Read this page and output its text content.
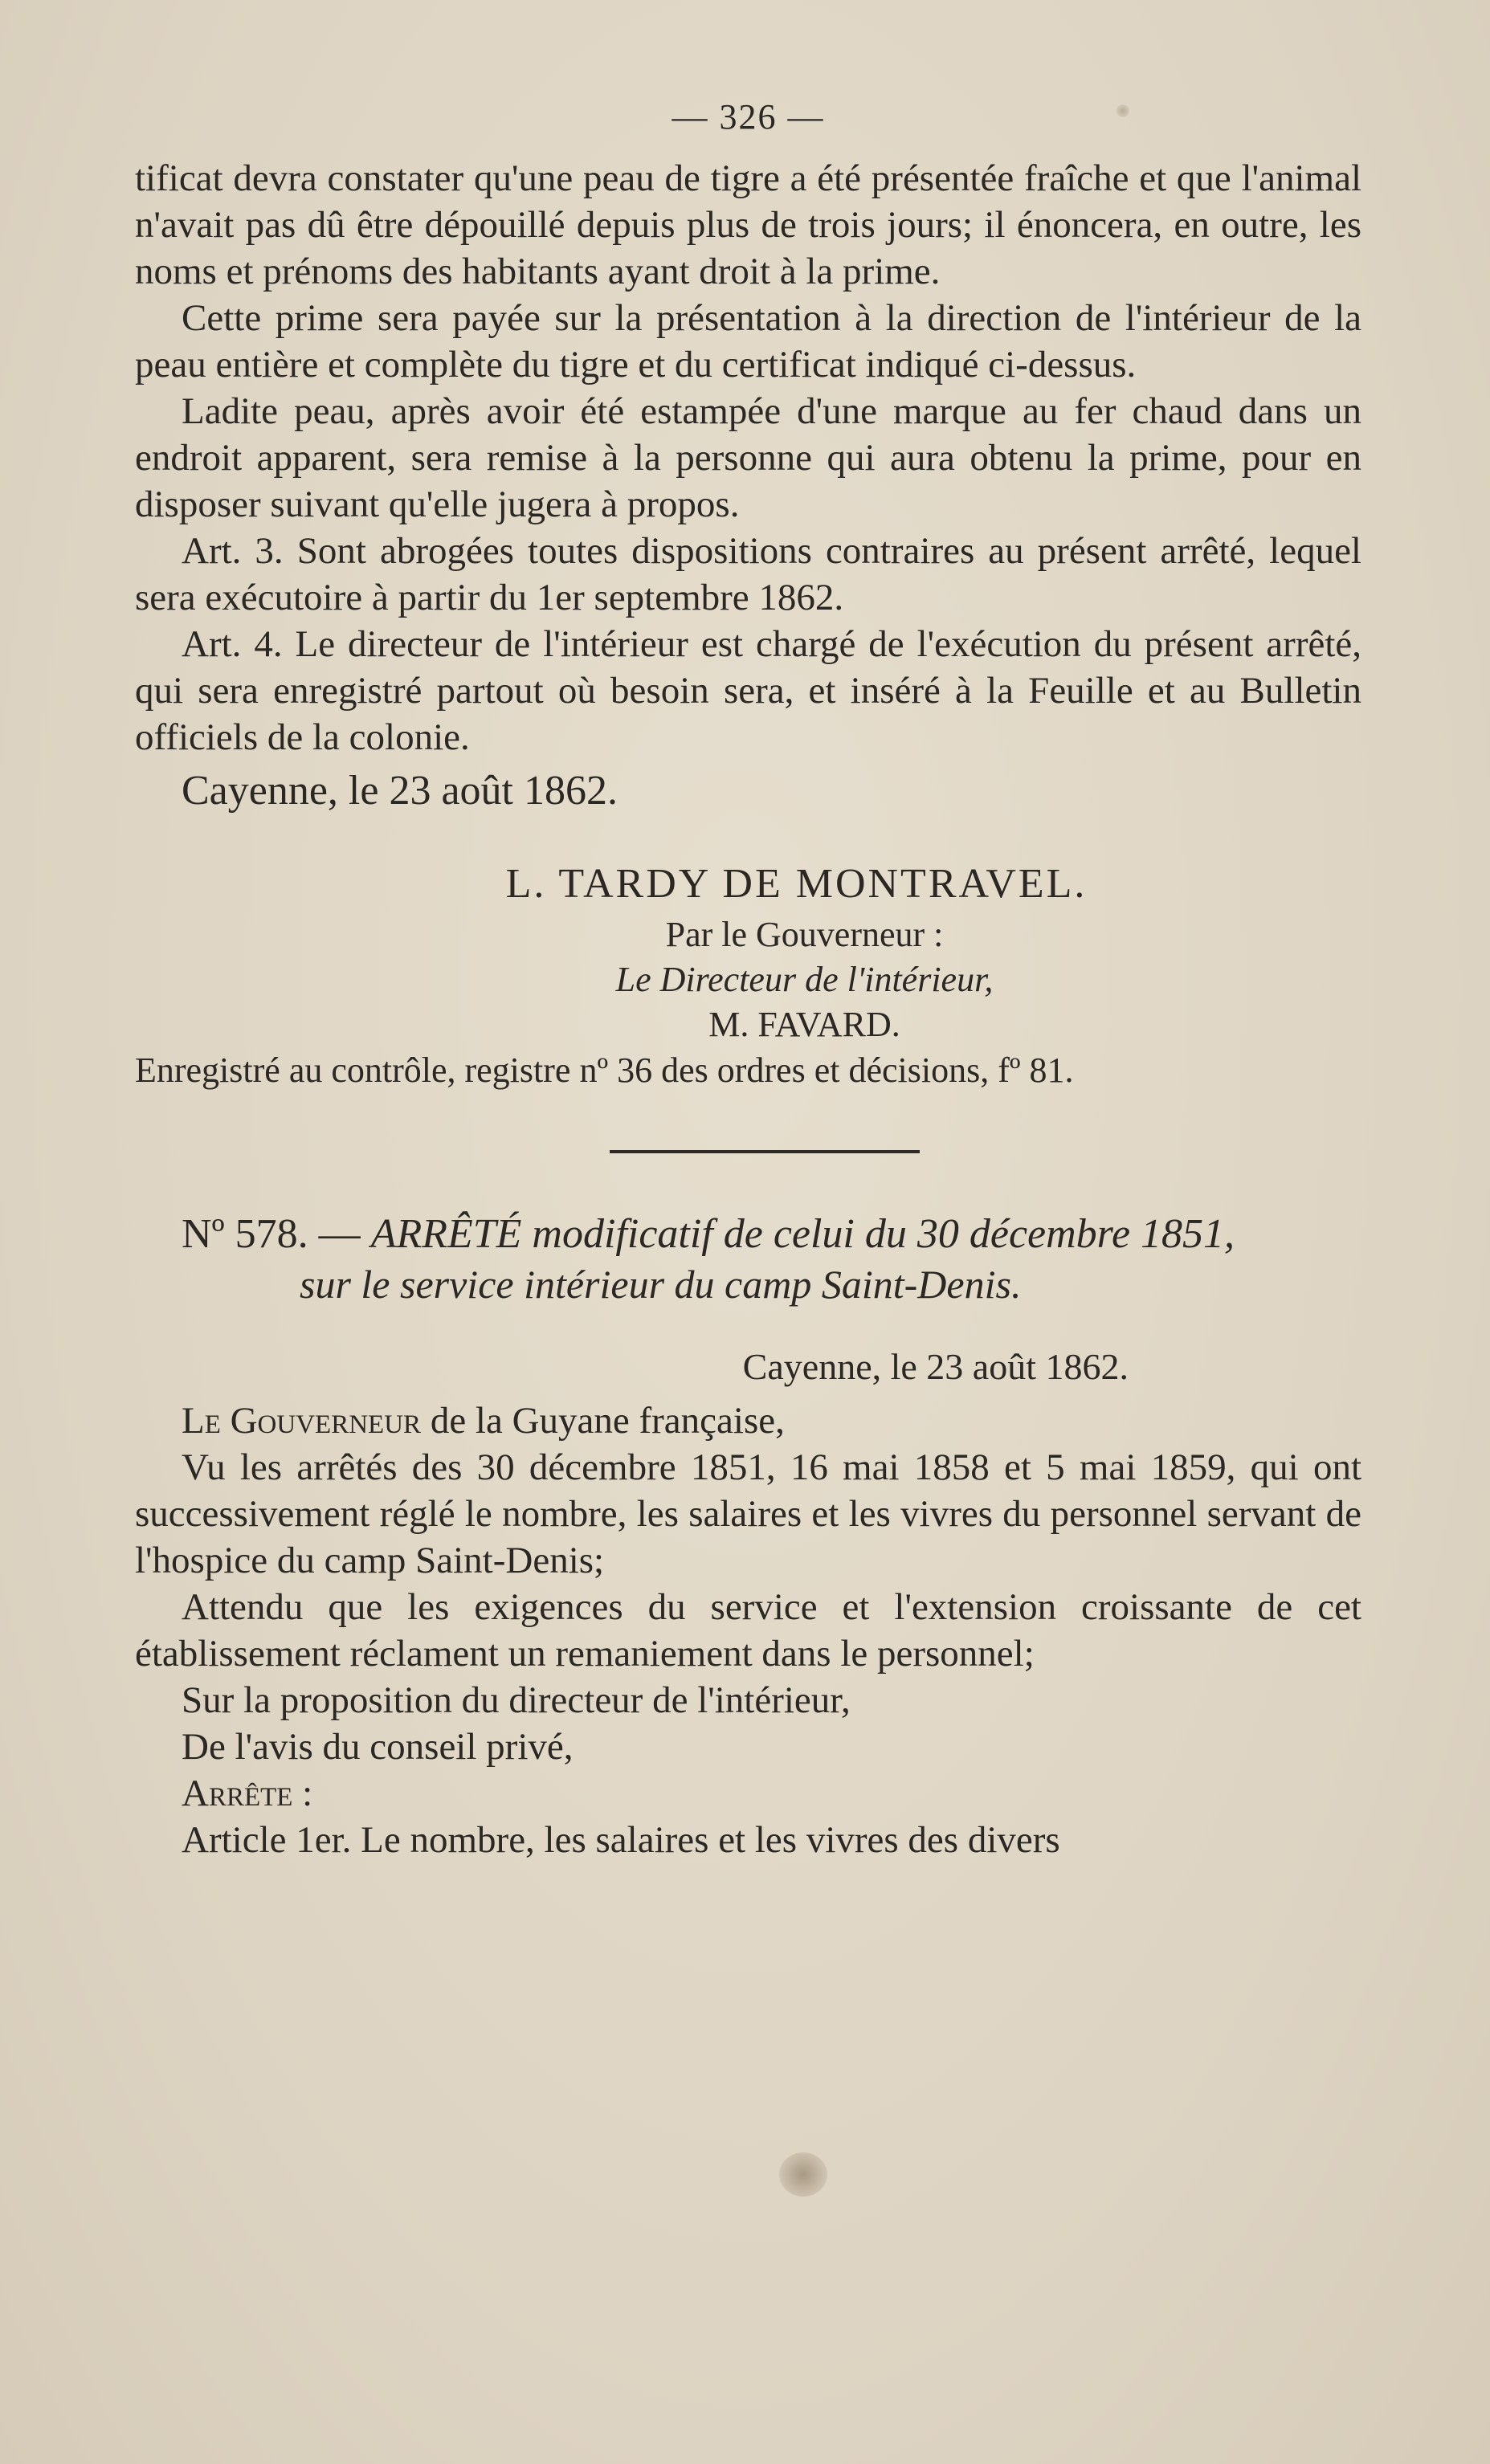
— 326 —

tificat devra constater qu'une peau de tigre a été présentée fraîche et que l'animal n'avait pas dû être dépouillé depuis plus de trois jours; il énoncera, en outre, les noms et prénoms des habitants ayant droit à la prime.

Cette prime sera payée sur la présentation à la direction de l'intérieur de la peau entière et complète du tigre et du certificat indiqué ci-dessus.

Ladite peau, après avoir été estampée d'une marque au fer chaud dans un endroit apparent, sera remise à la personne qui aura obtenu la prime, pour en disposer suivant qu'elle jugera à propos.

Art. 3. Sont abrogées toutes dispositions contraires au présent arrêté, lequel sera exécutoire à partir du 1er septembre 1862.

Art. 4. Le directeur de l'intérieur est chargé de l'exécution du présent arrêté, qui sera enregistré partout où besoin sera, et inséré à la Feuille et au Bulletin officiels de la colonie.

Cayenne, le 23 août 1862.

L. TARDY DE MONTRAVEL.
Par le Gouverneur :
Le Directeur de l'intérieur,
M. FAVARD.

Enregistré au contrôle, registre nº 36 des ordres et décisions, fº 81.

Nº 578. — ARRÊTÉ modificatif de celui du 30 décembre 1851,

sur le service intérieur du camp Saint-Denis.

Cayenne, le 23 août 1862.

Le Gouverneur de la Guyane française,

Vu les arrêtés des 30 décembre 1851, 16 mai 1858 et 5 mai 1859, qui ont successivement réglé le nombre, les salaires et les vivres du personnel servant de l'hospice du camp Saint-Denis;

Attendu que les exigences du service et l'extension croissante de cet établissement réclament un remaniement dans le personnel;

Sur la proposition du directeur de l'intérieur,

De l'avis du conseil privé,

Arrête :

Article 1er. Le nombre, les salaires et les vivres des divers
